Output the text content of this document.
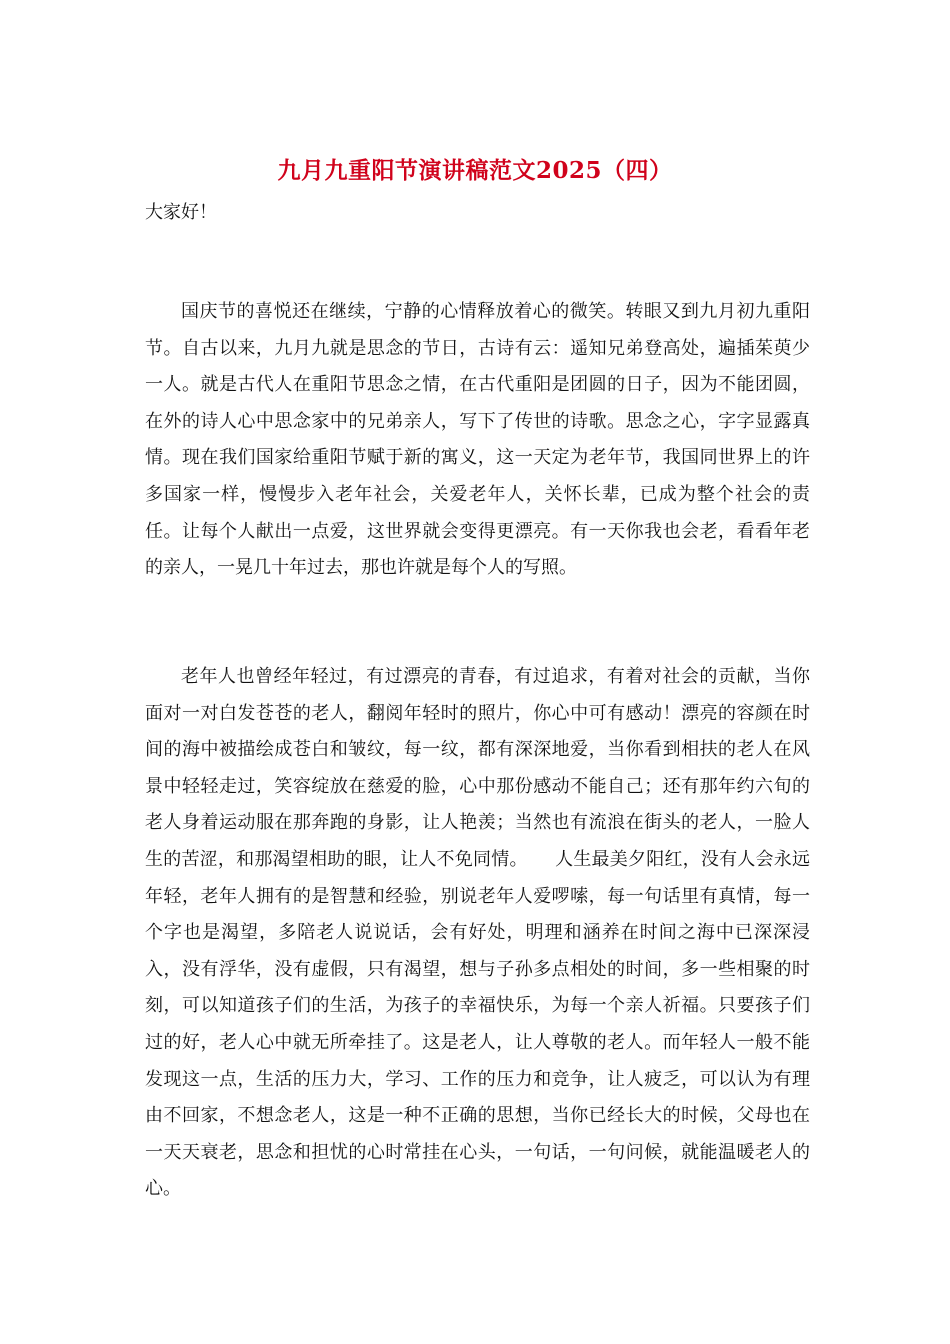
九月九重阳节演讲稿范文2025（四）
大家好！

国庆节的喜悦还在继续，宁静的心情释放着心的微笑。转眼又到九月初九重阳节。自古以来，九月九就是思念的节日，古诗有云：遥知兄弟登高处，遍插茱萸少一人。就是古代人在重阳节思念之情，在古代重阳是团圆的日子，因为不能团圆，在外的诗人心中思念家中的兄弟亲人，写下了传世的诗歌。思念之心，字字显露真情。现在我们国家给重阳节赋于新的寓义，这一天定为老年节，我国同世界上的许多国家一样，慢慢步入老年社会，关爱老年人，关怀长辈，已成为整个社会的责任。让每个人献出一点爱，这世界就会变得更漂亮。有一天你我也会老，看看年老的亲人，一晃几十年过去，那也许就是每个人的写照。

老年人也曾经年轻过，有过漂亮的青春，有过追求，有着对社会的贡献，当你面对一对白发苍苍的老人，翻阅年轻时的照片，你心中可有感动！漂亮的容颜在时间的海中被描绘成苍白和皱纹，每一纹，都有深深地爱，当你看到相扶的老人在风景中轻轻走过，笑容绽放在慈爱的脸，心中那份感动不能自己；还有那年约六旬的老人身着运动服在那奔跑的身影，让人艳羡；当然也有流浪在街头的老人，一脸人生的苦涩，和那渴望相助的眼，让人不免同情。　　人生最美夕阳红，没有人会永远年轻，老年人拥有的是智慧和经验，别说老年人爱啰嗦，每一句话里有真情，每一个字也是渴望，多陪老人说说话，会有好处，明理和涵养在时间之海中已深深浸入，没有浮华，没有虚假，只有渴望，想与子孙多点相处的时间，多一些相聚的时刻，可以知道孩子们的生活，为孩子的幸福快乐，为每一个亲人祈福。只要孩子们过的好，老人心中就无所牵挂了。这是老人，让人尊敬的老人。而年轻人一般不能发现这一点，生活的压力大，学习、工作的压力和竞争，让人疲乏，可以认为有理由不回家，不想念老人，这是一种不正确的思想，当你已经长大的时候，父母也在一天天衰老，思念和担忧的心时常挂在心头，一句话，一句问候，就能温暖老人的心。
